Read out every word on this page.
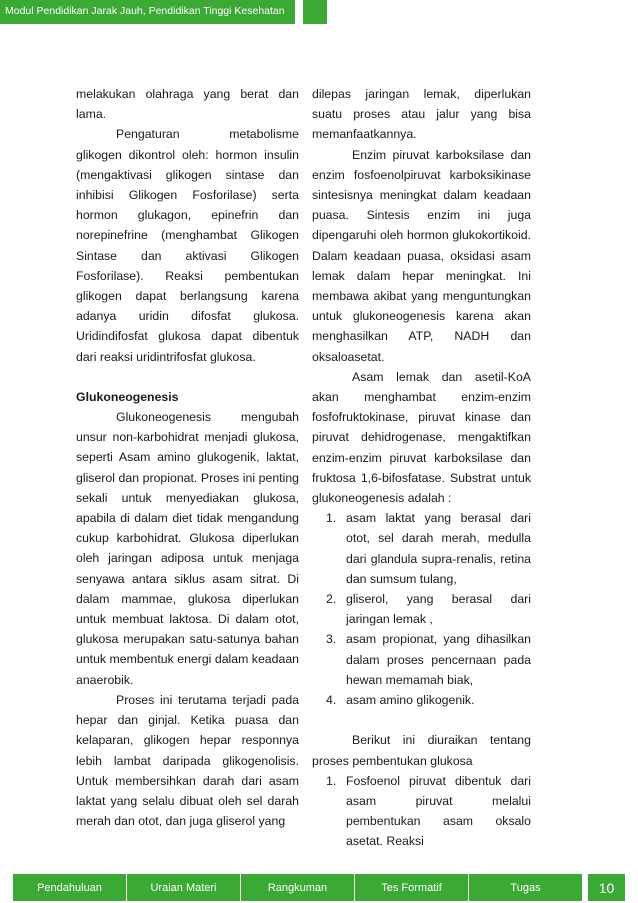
Modul Pendidikan Jarak Jauh, Pendidikan Tinggi Kesehatan

melakukan olahraga yang berat dan lama.

Pengaturan metabolisme glikogen dikontrol oleh: hormon insulin (mengaktivasi glikogen sintase dan inhibisi Glikogen Fosforilase) serta hormon glukagon, epinefrin dan norepinefrine (menghambat Glikogen Sintase dan aktivasi Glikogen Fosforilase). Reaksi pembentukan glikogen dapat berlangsung karena adanya uridin difosfat glukosa. Uridindifosfat glukosa dapat dibentuk dari reaksi uridintrifosfat glukosa.

Glukoneogenesis

Glukoneogenesis mengubah unsur non-karbohidrat menjadi glukosa, seperti Asam amino glukogenik, laktat, gliserol dan propionat. Proses ini penting sekali untuk menyediakan glukosa, apabila di dalam diet tidak mengandung cukup karbohidrat. Glukosa diperlukan oleh jaringan adiposa untuk menjaga senyawa antara siklus asam sitrat. Di dalam mammae, glukosa diperlukan untuk membuat laktosa. Di dalam otot, glukosa merupakan satu-satunya bahan untuk membentuk energi dalam keadaan anaerobik.

Proses ini terutama terjadi pada hepar dan ginjal. Ketika puasa dan kelaparan, glikogen hepar responnya lebih lambat daripada glikogenolisis. Untuk membersihkan darah dari asam laktat yang selalu dibuat oleh sel darah merah dan otot, dan juga gliserol yang

dilepas jaringan lemak, diperlukan suatu proses atau jalur yang bisa memanfaatkannya.

Enzim piruvat karboksilase dan enzim fosfoenolpiruvat karboksikinase sintesisnya meningkat dalam keadaan puasa. Sintesis enzim ini juga dipengaruhi oleh hormon glukokortikoid. Dalam keadaan puasa, oksidasi asam lemak dalam hepar meningkat. Ini membawa akibat yang menguntungkan untuk glukoneogenesis karena akan menghasilkan ATP, NADH dan oksaloasetat.

Asam lemak dan asetil-KoA akan menghambat enzim-enzim fosfofruktokinase, piruvat kinase dan piruvat dehidrogenase, mengaktifkan enzim-enzim piruvat karboksilase dan fruktosa 1,6-bifosfatase. Substrat untuk glukoneogenesis adalah :

1. asam laktat yang berasal dari otot, sel darah merah, medulla dari glandula supra-renalis, retina dan sumsum tulang,
2. gliserol, yang berasal dari jaringan lemak ,
3. asam propionat, yang dihasilkan dalam proses pencernaan pada hewan memamah biak,
4. asam amino glikogenik.

Berikut ini diuraikan tentang proses pembentukan glukosa

1. Fosfoenol piruvat dibentuk dari asam piruvat melalui pembentukan asam oksalo asetat. Reaksi
Pendahuluan	Uraian Materi	Rangkuman	Tes Formatif	Tugas	10
